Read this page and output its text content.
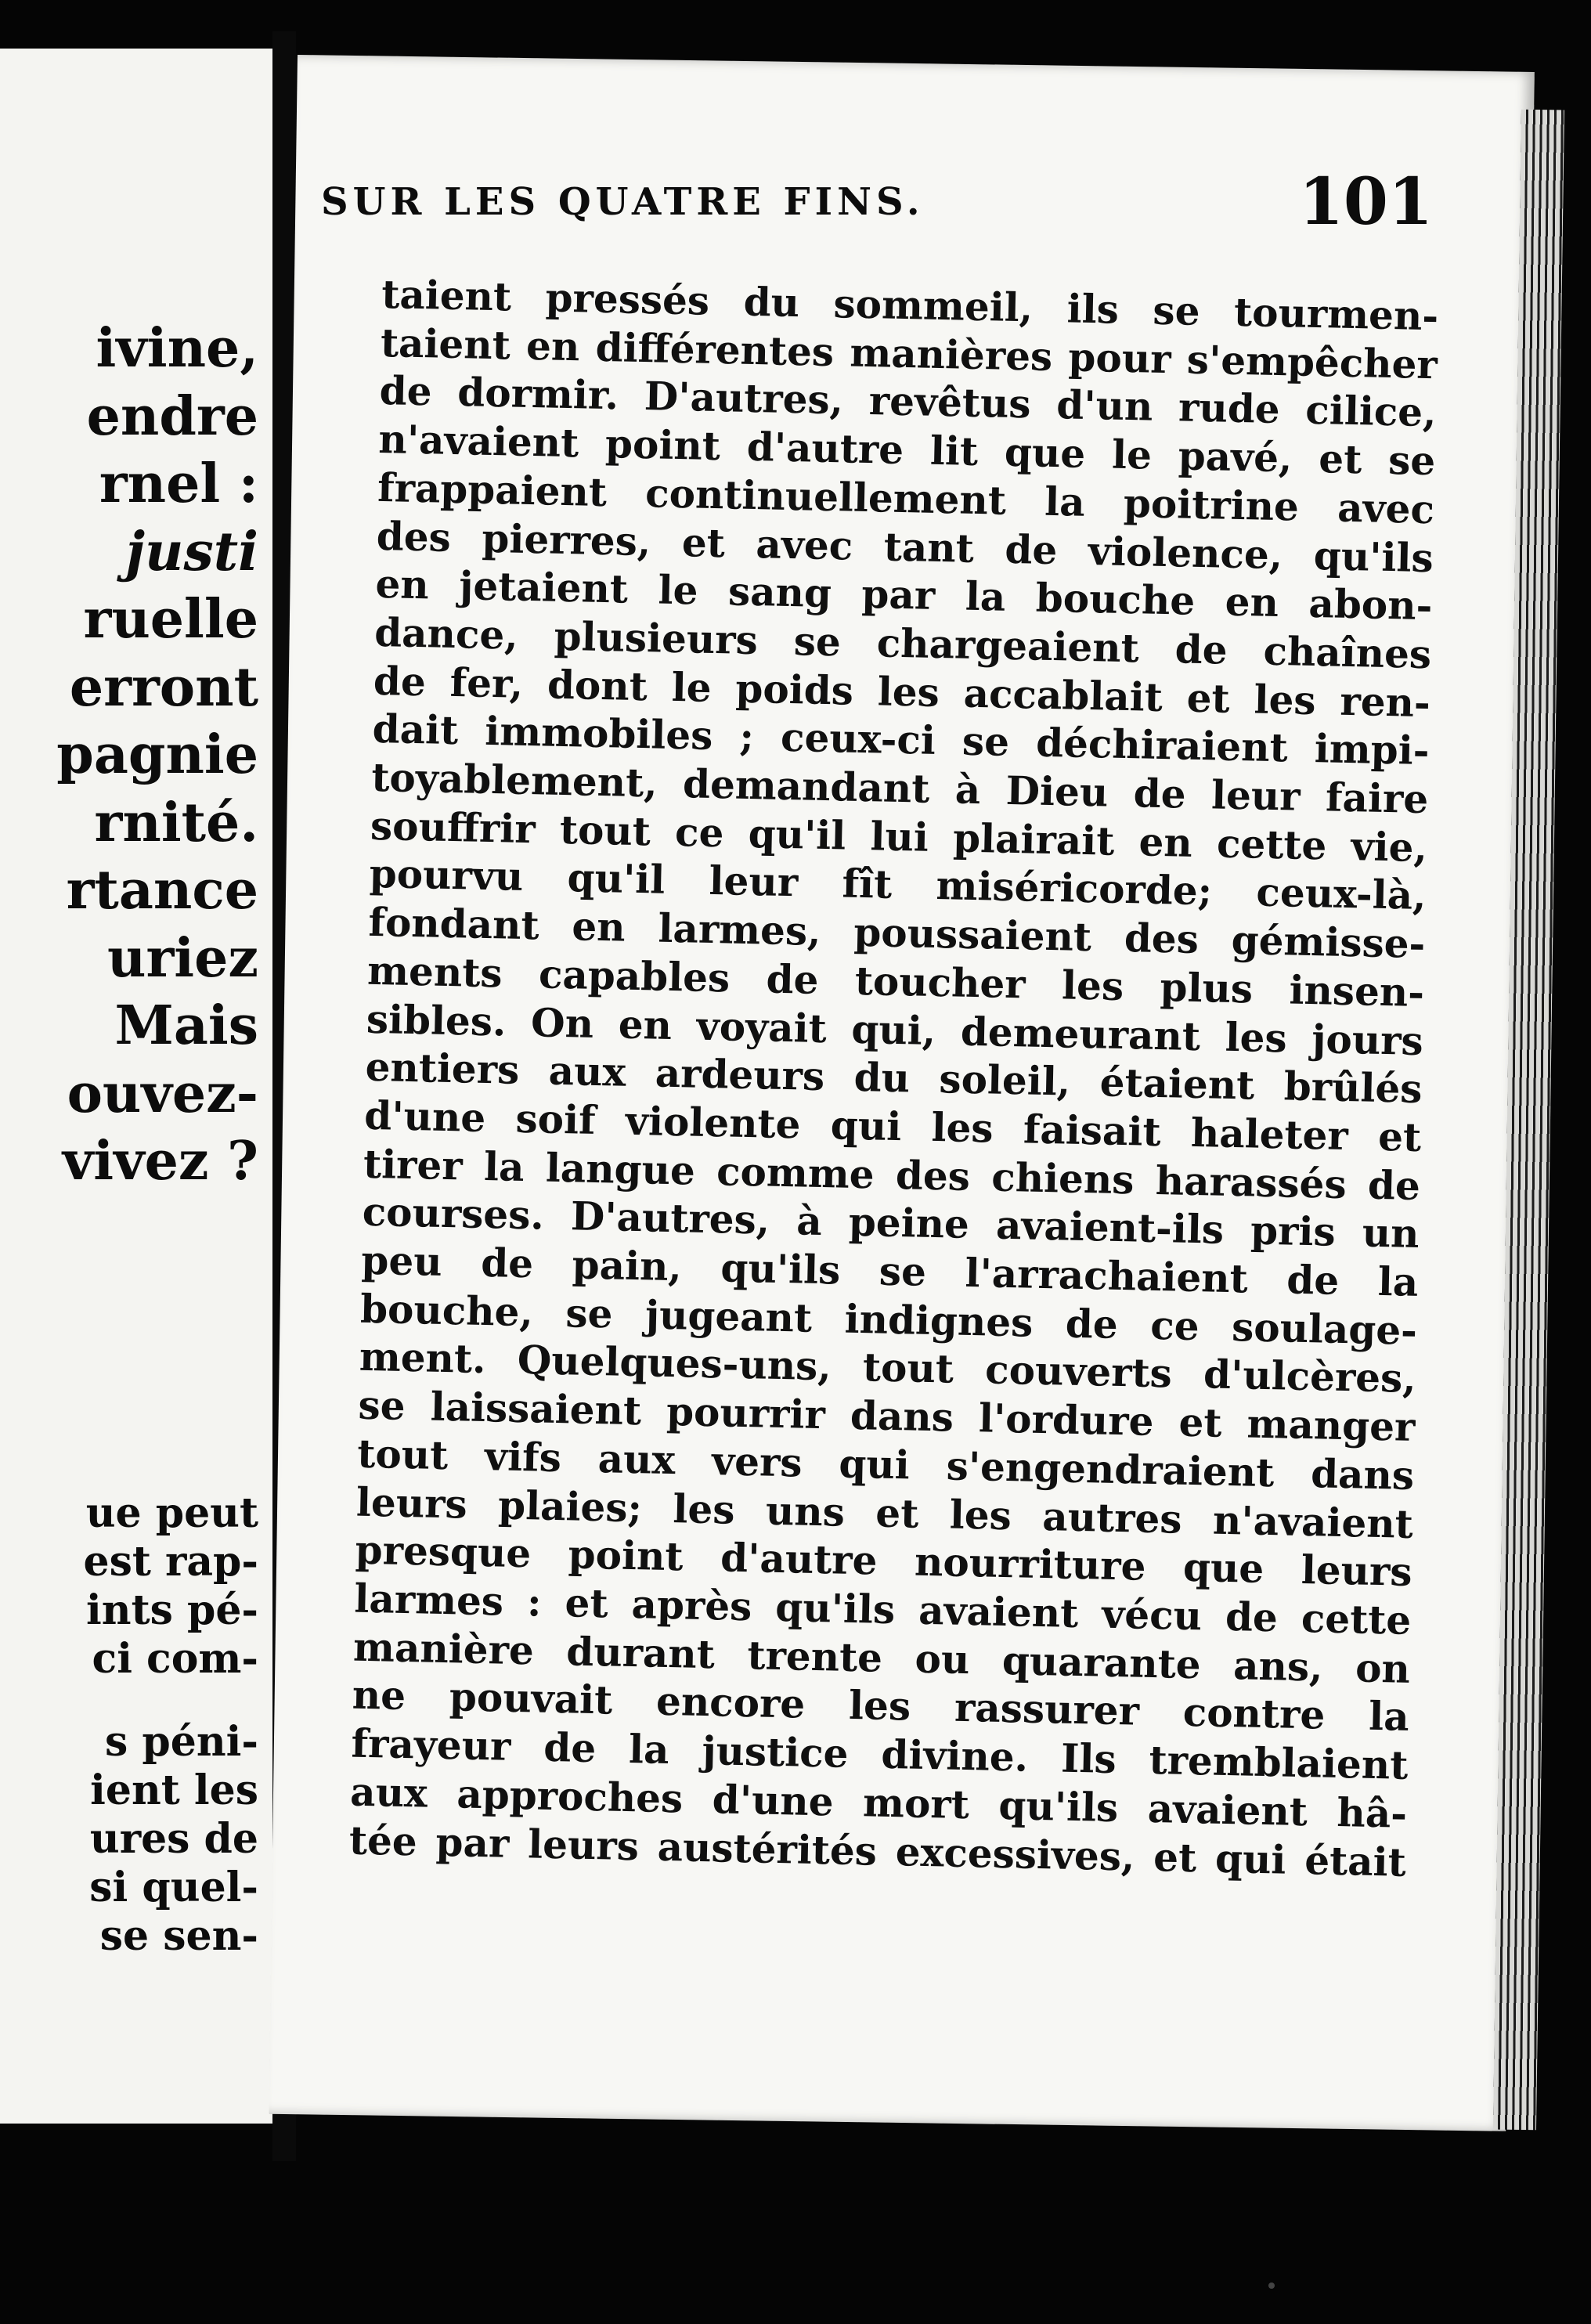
ivine,
endre
rnel :
justi
ruelle
erront
pagnie
rnité.
rtance
uriez
Mais
ouvez-
vivez ?
ue peut
est rap-
ints pé-
ci com-
s péni-
ient les
ures de
si quel-
se sen-
SUR LES QUATRE FINS.	101
taient pressés du sommeil, ils se tourmen-
taient en différentes manières pour s'empêcher
de dormir. D'autres, revêtus d'un rude cilice,
n'avaient point d'autre lit que le pavé, et se
frappaient continuellement la poitrine avec
des pierres, et avec tant de violence, qu'ils
en jetaient le sang par la bouche en abon-
dance, plusieurs se chargeaient de chaînes
de fer, dont le poids les accablait et les ren-
dait immobiles ; ceux-ci se déchiraient impi-
toyablement, demandant à Dieu de leur faire
souffrir tout ce qu'il lui plairait en cette vie,
pourvu qu'il leur fît miséricorde; ceux-là,
fondant en larmes, poussaient des gémisse-
ments capables de toucher les plus insen-
sibles. On en voyait qui, demeurant les jours
entiers aux ardeurs du soleil, étaient brûlés
d'une soif violente qui les faisait haleter et
tirer la langue comme des chiens harassés de
courses. D'autres, à peine avaient-ils pris un
peu de pain, qu'ils se l'arrachaient de la
bouche, se jugeant indignes de ce soulage-
ment. Quelques-uns, tout couverts d'ulcères,
se laissaient pourrir dans l'ordure et manger
tout vifs aux vers qui s'engendraient dans
leurs plaies; les uns et les autres n'avaient
presque point d'autre nourriture que leurs
larmes : et après qu'ils avaient vécu de cette
manière durant trente ou quarante ans, on
ne pouvait encore les rassurer contre la
frayeur de la justice divine. Ils tremblaient
aux approches d'une mort qu'ils avaient hâ-
tée par leurs austérités excessives, et qui était
